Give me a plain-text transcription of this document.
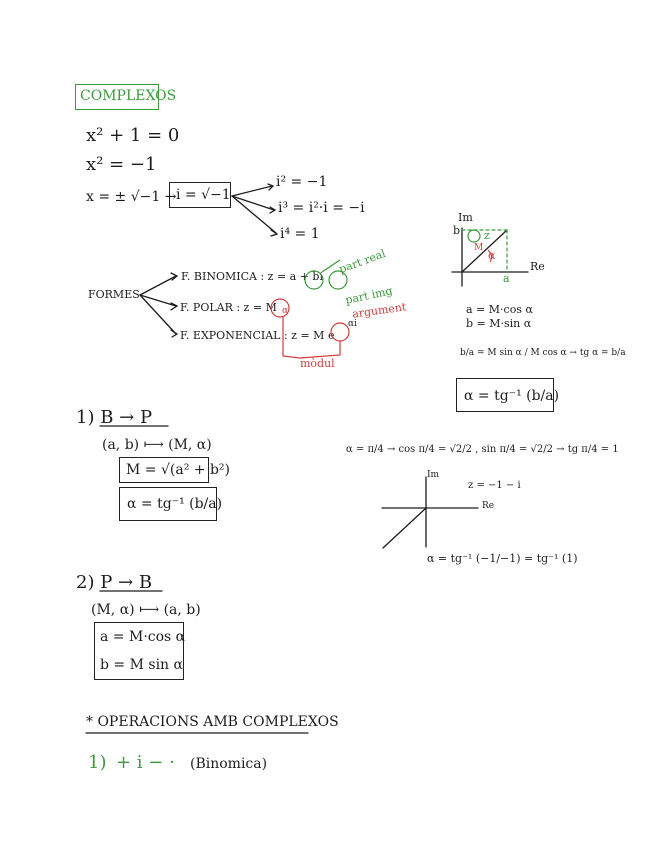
COMPLEXOS
x² + 1 = 0
x² = −1
x = ± √−1 → i = √−1
i² = −1
i³ = i²·i = −i
i⁴ = 1
FORMES
F. BINOMICA : z = a + bi
F. POLAR : z = M α
F. EXPONENCIAL : z = M e
αi
part real
part img
argument
mòdul
Im
b
Re
a
M
α
z
a = M·cos α
b = M·sin α
b/a = M sin α / M cos α → tg α = b/a
α = tg⁻¹ (b/a)
1) B → P
(a, b) ⟼ (M, α)
M = √(a² + b²)
α = tg⁻¹ (b/a)
α = π/4 → cos π/4 = √2/2 , sin π/4 = √2/2 → tg π/4 = 1
Im
z = −1 − i
Re
α = tg⁻¹ (−1/−1) = tg⁻¹ (1)
2) P → B
(M, α) ⟼ (a, b)
a = M·cos α
b = M sin α
* OPERACIONS AMB COMPLEXOS
1) + i − · (Binomica)
